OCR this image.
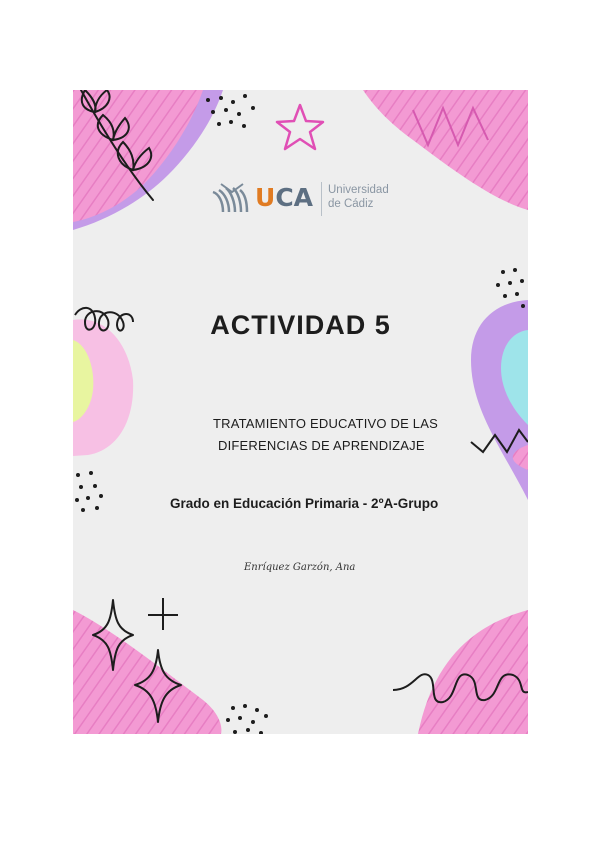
UCA Universidad
de Cádiz
ACTIVIDAD 5
TRATAMIENTO EDUCATIVO DE LAS
DIFERENCIAS DE APRENDIZAJE
Grado en Educación Primaria - 2ºA-Grupo
Enríquez Garzón, Ana
